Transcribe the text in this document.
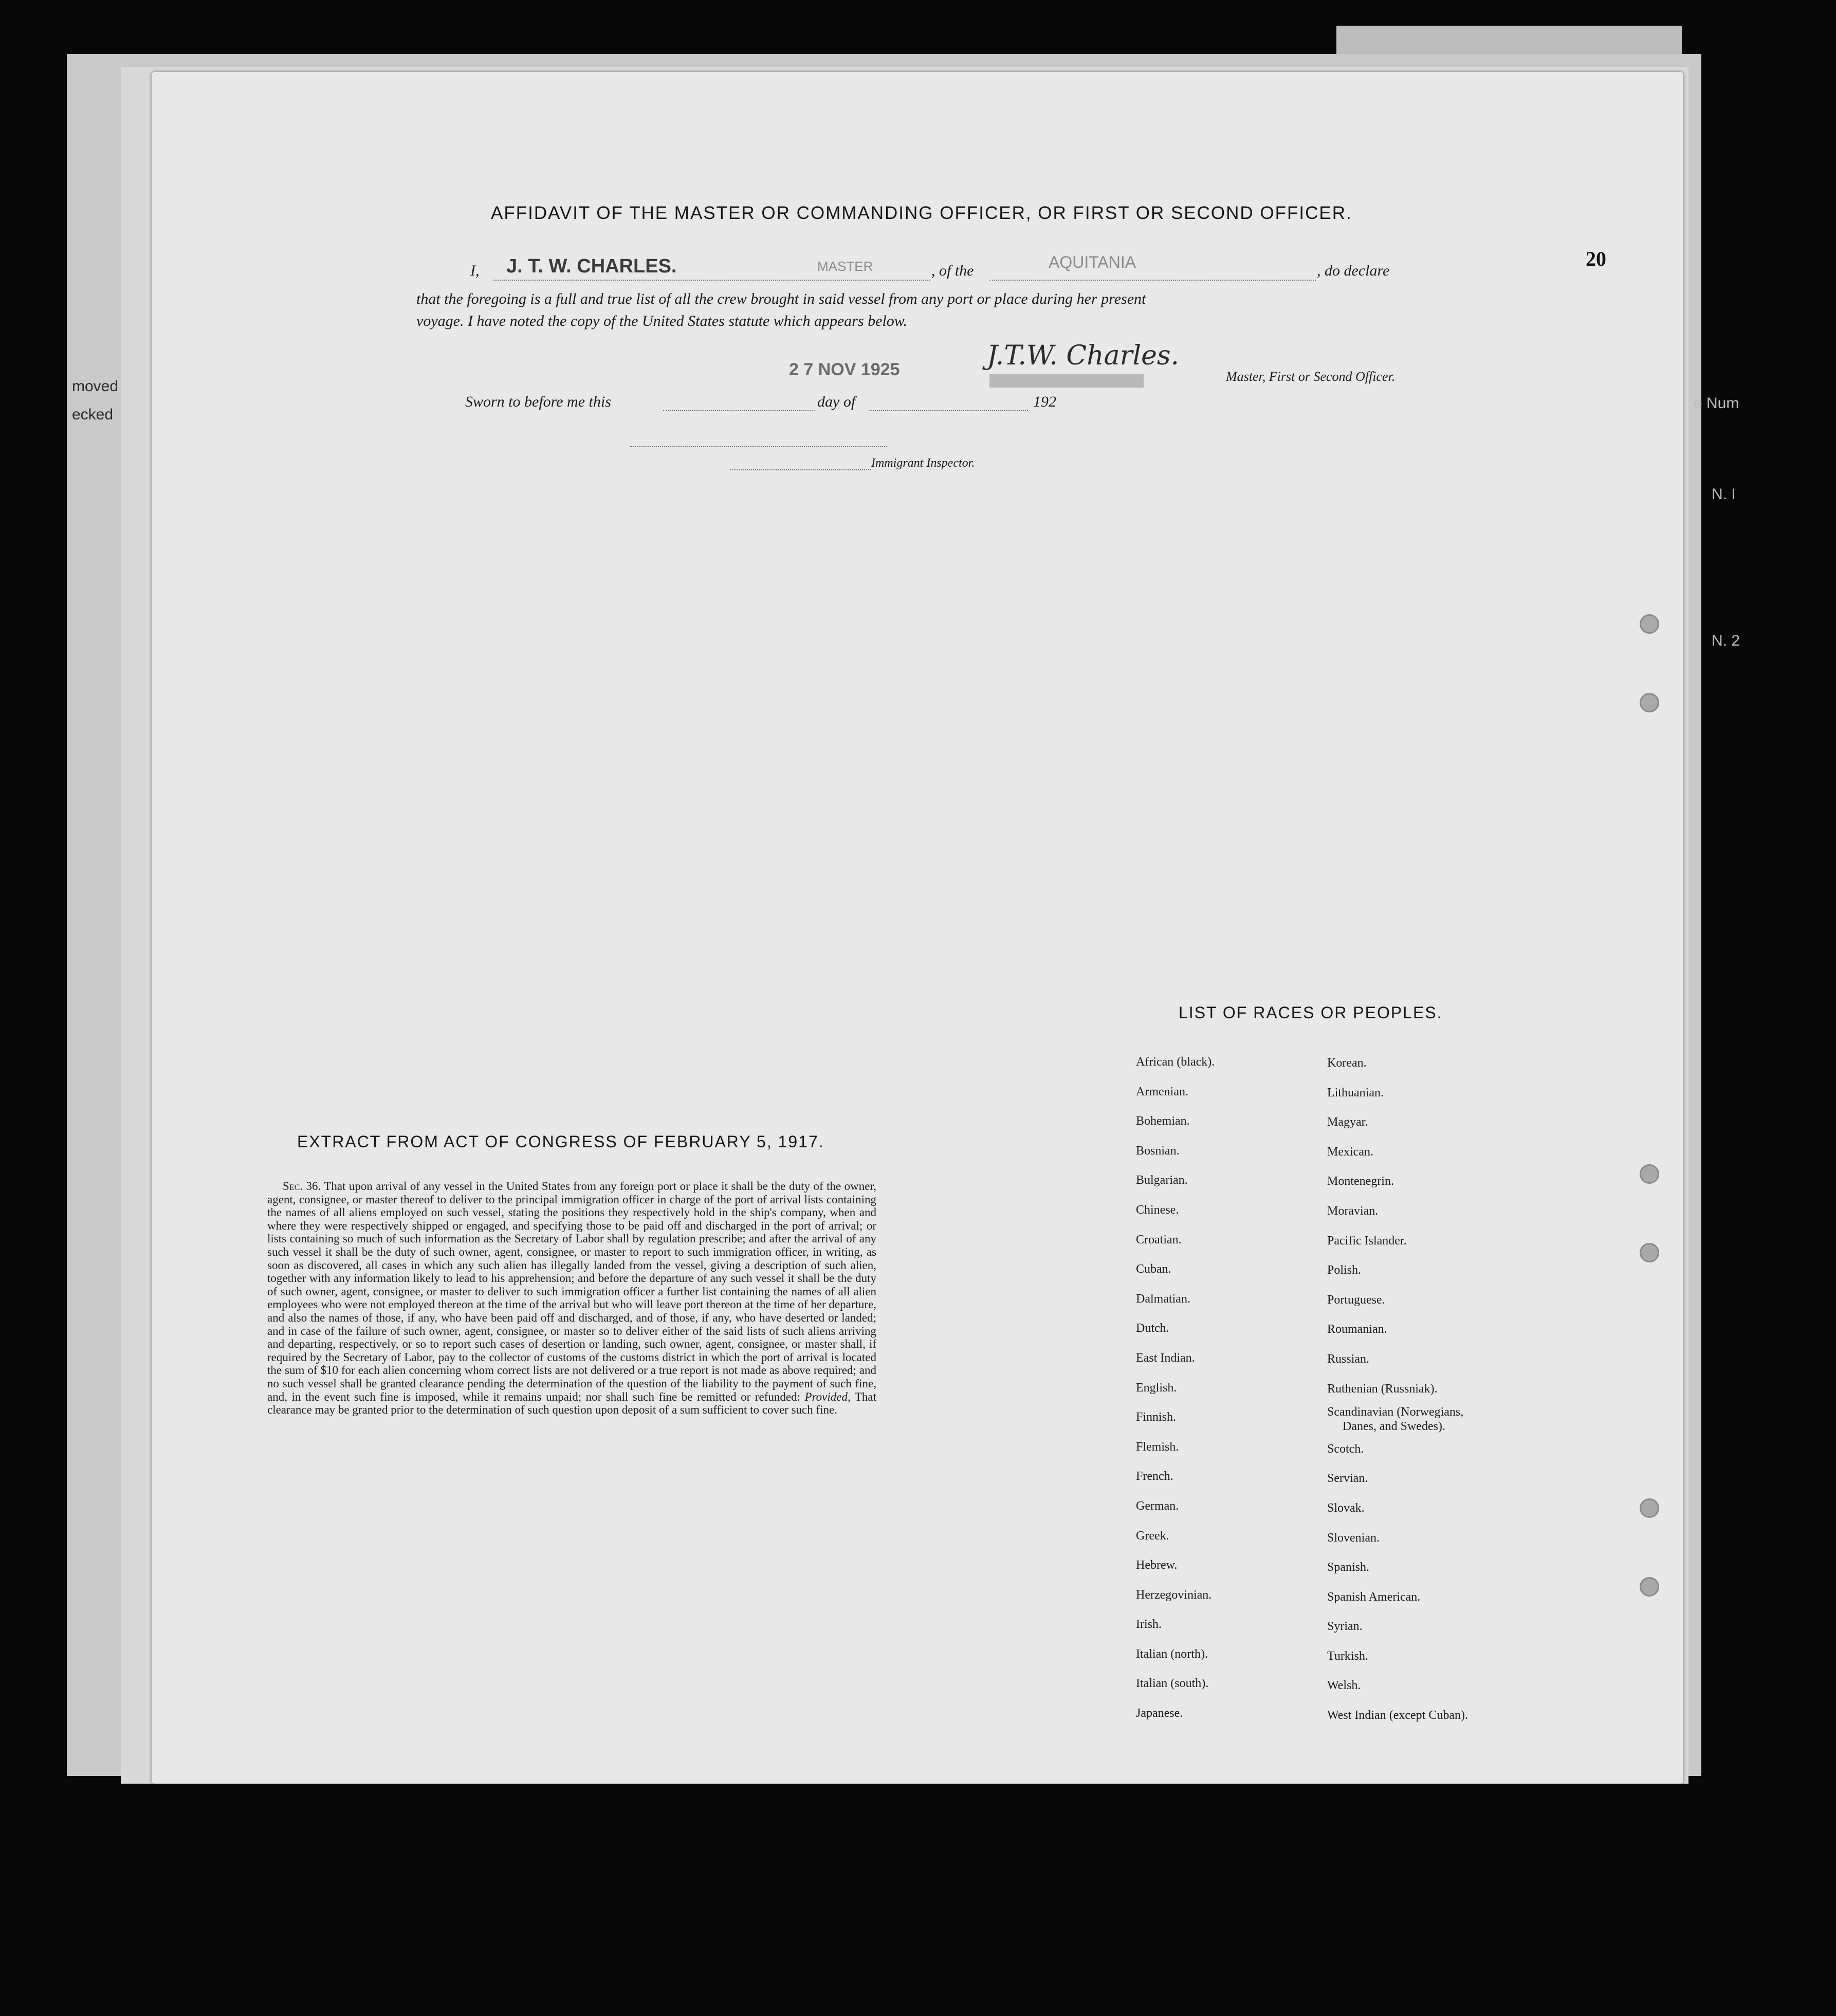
moved
ecked
e Num
N. I
N. 2
20
AFFIDAVIT OF THE MASTER OR COMMANDING OFFICER, OR FIRST OR SECOND OFFICER.
I, J. T. W. CHARLES.	MASTER	, of the	AQUITANIA	, do declare
that the foregoing is a full and true list of all the crew brought in said vessel from any port or place during her present
voyage. I have noted the copy of the United States statute which appears below.
2 7 NOV 1925	J.T.W. Charles.
Master, First or Second Officer.
Sworn to before me this	day of	192
Immigrant Inspector.
EXTRACT FROM ACT OF CONGRESS OF FEBRUARY 5, 1917.
Sec. 36. That upon arrival of any vessel in the United States from any foreign port or place it shall be the duty of the owner, agent, consignee, or master thereof to deliver to the principal immigration officer in charge of the port of arrival lists containing the names of all aliens employed on such vessel, stating the positions they respectively hold in the ship's company, when and where they were respectively shipped or engaged, and specifying those to be paid off and discharged in the port of arrival; or lists containing so much of such information as the Secretary of Labor shall by regulation prescribe; and after the arrival of any such vessel it shall be the duty of such owner, agent, consignee, or master to report to such immigration officer, in writing, as soon as discovered, all cases in which any such alien has illegally landed from the vessel, giving a description of such alien, together with any information likely to lead to his apprehension; and before the departure of any such vessel it shall be the duty of such owner, agent, consignee, or master to deliver to such immigration officer a further list containing the names of all alien employees who were not employed thereon at the time of the arrival but who will leave port thereon at the time of her departure, and also the names of those, if any, who have been paid off and discharged, and of those, if any, who have deserted or landed; and in case of the failure of such owner, agent, consignee, or master so to deliver either of the said lists of such aliens arriving and departing, respectively, or so to report such cases of desertion or landing, such owner, agent, consignee, or master shall, if required by the Secretary of Labor, pay to the collector of customs of the customs district in which the port of arrival is located the sum of $10 for each alien concerning whom correct lists are not delivered or a true report is not made as above required; and no such vessel shall be granted clearance pending the determination of the question of the liability to the payment of such fine, and, in the event such fine is imposed, while it remains unpaid; nor shall such fine be remitted or refunded: Provided, That clearance may be granted prior to the determination of such question upon deposit of a sum sufficient to cover such fine.
LIST OF RACES OR PEOPLES.
African (black).
Armenian.
Bohemian.
Bosnian.
Bulgarian.
Chinese.
Croatian.
Cuban.
Dalmatian.
Dutch.
East Indian.
English.
Finnish.
Flemish.
French.
German.
Greek.
Hebrew.
Herzegovinian.
Irish.
Italian (north).
Italian (south).
Japanese.
Korean.
Lithuanian.
Magyar.
Mexican.
Montenegrin.
Moravian.
Pacific Islander.
Polish.
Portuguese.
Roumanian.
Russian.
Ruthenian (Russniak).
Scandinavian (Norwegians,
Danes, and Swedes).
Scotch.
Servian.
Slovak.
Slovenian.
Spanish.
Spanish American.
Syrian.
Turkish.
Welsh.
West Indian (except Cuban).
